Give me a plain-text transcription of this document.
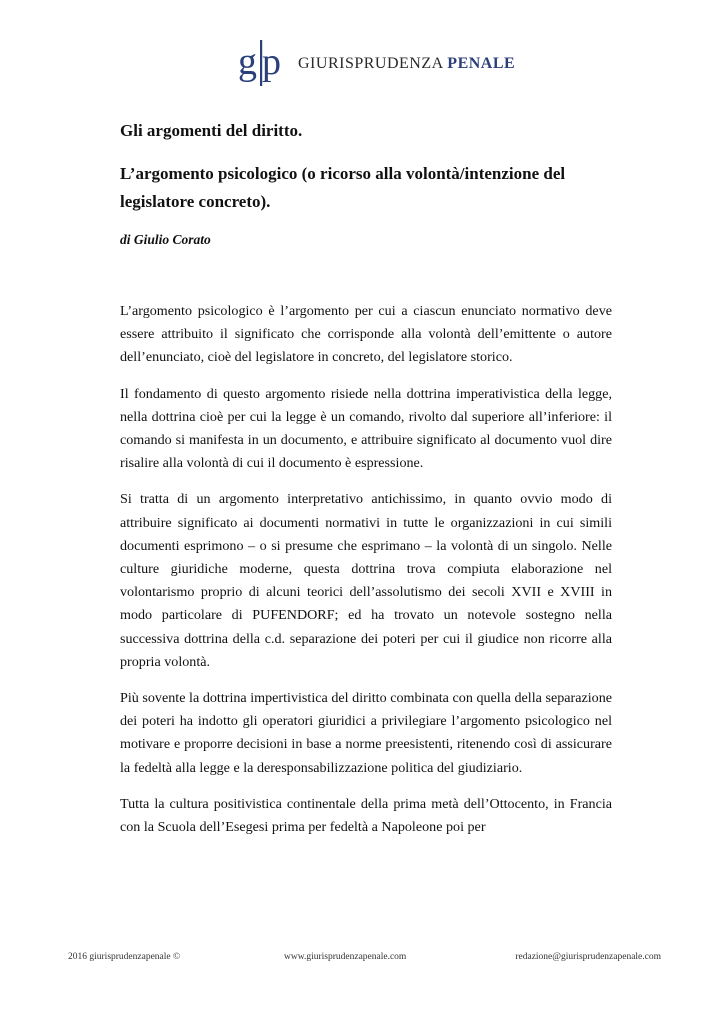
g p GIURISPRUDENZA PENALE
Gli argomenti del diritto.
L’argomento psicologico (o ricorso alla volontà/intenzione del legislatore concreto).
di Giulio Corato

L’argomento psicologico è l’argomento per cui a ciascun enunciato normativo deve essere attribuito il significato che corrisponde alla volontà dell’emittente o autore dell’enunciato, cioè del legislatore in concreto, del legislatore storico.

Il fondamento di questo argomento risiede nella dottrina imperativistica della legge, nella dottrina cioè per cui la legge è un comando, rivolto dal superiore all’inferiore: il comando si manifesta in un documento, e attribuire significato al documento vuol dire risalire alla volontà di cui il documento è espressione.

Si tratta di un argomento interpretativo antichissimo, in quanto ovvio modo di attribuire significato ai documenti normativi in tutte le organizzazioni in cui simili documenti esprimono – o si presume che esprimano – la volontà di un singolo. Nelle culture giuridiche moderne, questa dottrina trova compiuta elaborazione nel volontarismo proprio di alcuni teorici dell’assolutismo dei secoli XVII e XVIII in modo particolare di PUFENDORF; ed ha trovato un notevole sostegno nella successiva dottrina della c.d. separazione dei poteri per cui il giudice non ricorre alla propria volontà.

Più sovente la dottrina impertivistica del diritto combinata con quella della separazione dei poteri ha indotto gli operatori giuridici a privilegiare l’argomento psicologico nel motivare e proporre decisioni in base a norme preesistenti, ritenendo così di assicurare la fedeltà alla legge e la deresponsabilizzazione politica del giudiziario.

Tutta la cultura positivistica continentale della prima metà dell’Ottocento, in Francia con la Scuola dell’Esegesi prima per fedeltà a Napoleone poi per

2016 giurisprudenzapenale ©	www.giurisprudenzapenale.com	redazione@giurisprudenzapenale.com
